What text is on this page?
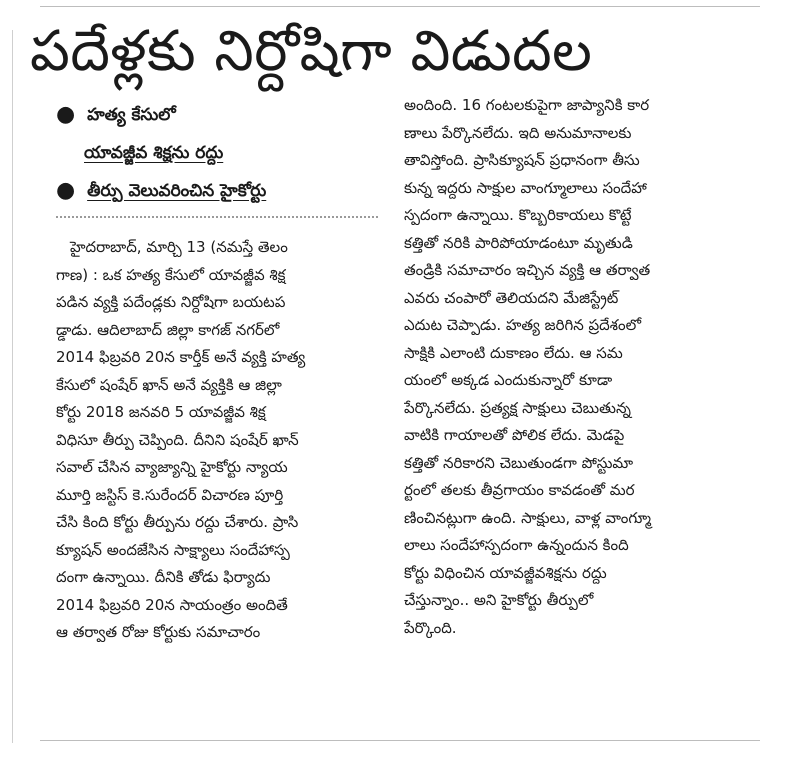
పదేళ్లకు నిర్దోషిగా విడుదల
● హత్య కేసులో
యావజ్జీవ శిక్షను రద్దు
● తీర్పు వెలువరించిన హైకోర్టు
హైదరాబాద్, మార్చి 13 (నమస్తే తెలం
గాణ) : ఒక హత్య కేసులో యావజ్జీవ శిక్ష
పడిన వ్యక్తి పదేండ్లకు నిర్దోషిగా బయటప
డ్డాడు. ఆదిలాబాద్ జిల్లా కాగజ్ నగర్‌లో
2014 ఫిబ్రవరి 20న కార్తీక్ అనే వ్యక్తి హత్య
కేసులో షంషేర్ ఖాన్ అనే వ్యక్తికి ఆ జిల్లా
కోర్టు 2018 జనవరి 5 యావజ్జీవ శిక్ష
విధిసూ తీర్పు చెప్పింది. దీనిని షంషేర్ ఖాన్
సవాల్ చేసిన వ్యాజ్యాన్ని హైకోర్టు న్యాయ
మూర్తి జస్టిస్ కె.సురేందర్ విచారణ పూర్తి
చేసి కింది కోర్టు తీర్పును రద్దు చేశారు. ప్రాసి
క్యూషన్ అందజేసిన సాక్ష్యాలు సందేహాస్ప
దంగా ఉన్నాయి. దీనికి తోడు ఫిర్యాదు
2014 ఫిబ్రవరి 20న సాయంత్రం అందితే
ఆ తర్వాత రోజు కోర్టుకు సమాచారం
అందింది. 16 గంటలకుపైగా జాప్యానికి కార
ణాలు పేర్కొనలేదు. ఇది అనుమానాలకు
తావిస్తోంది. ప్రాసిక్యూషన్ ప్రధానంగా తీసు
కున్న ఇద్దరు సాక్షుల వాంగ్మూలాలు సందేహా
స్పదంగా ఉన్నాయి. కొబ్బరికాయలు కొట్టే
కత్తితో నరికి పారిపోయాడంటూ మృతుడి
తండ్రికి సమాచారం ఇచ్చిన వ్యక్తి ఆ తర్వాత
ఎవరు చంపారో తెలియదని మేజిస్ట్రేట్
ఎదుట చెప్పాడు. హత్య జరిగిన ప్రదేశంలో
సాక్షికి ఎలాంటి దుకాణం లేదు. ఆ సమ
యంలో అక్కడ ఎందుకున్నారో కూడా
పేర్కొనలేదు. ప్రత్యక్ష సాక్షులు చెబుతున్న
వాటికి గాయాలతో పోలిక లేదు. మెడపై
కత్తితో నరికారని చెబుతుండగా పోస్టుమా
ర్టంలో తలకు తీవ్రగాయం కావడంతో మర
ణించినట్లుగా ఉంది. సాక్షులు, వాళ్ల వాంగ్మూ
లాలు సందేహాస్పదంగా ఉన్నందున కింది
కోర్టు విధించిన యావజ్జీవశిక్షను రద్దు
చేస్తున్నాం.. అని హైకోర్టు తీర్పులో
పేర్కొంది.
